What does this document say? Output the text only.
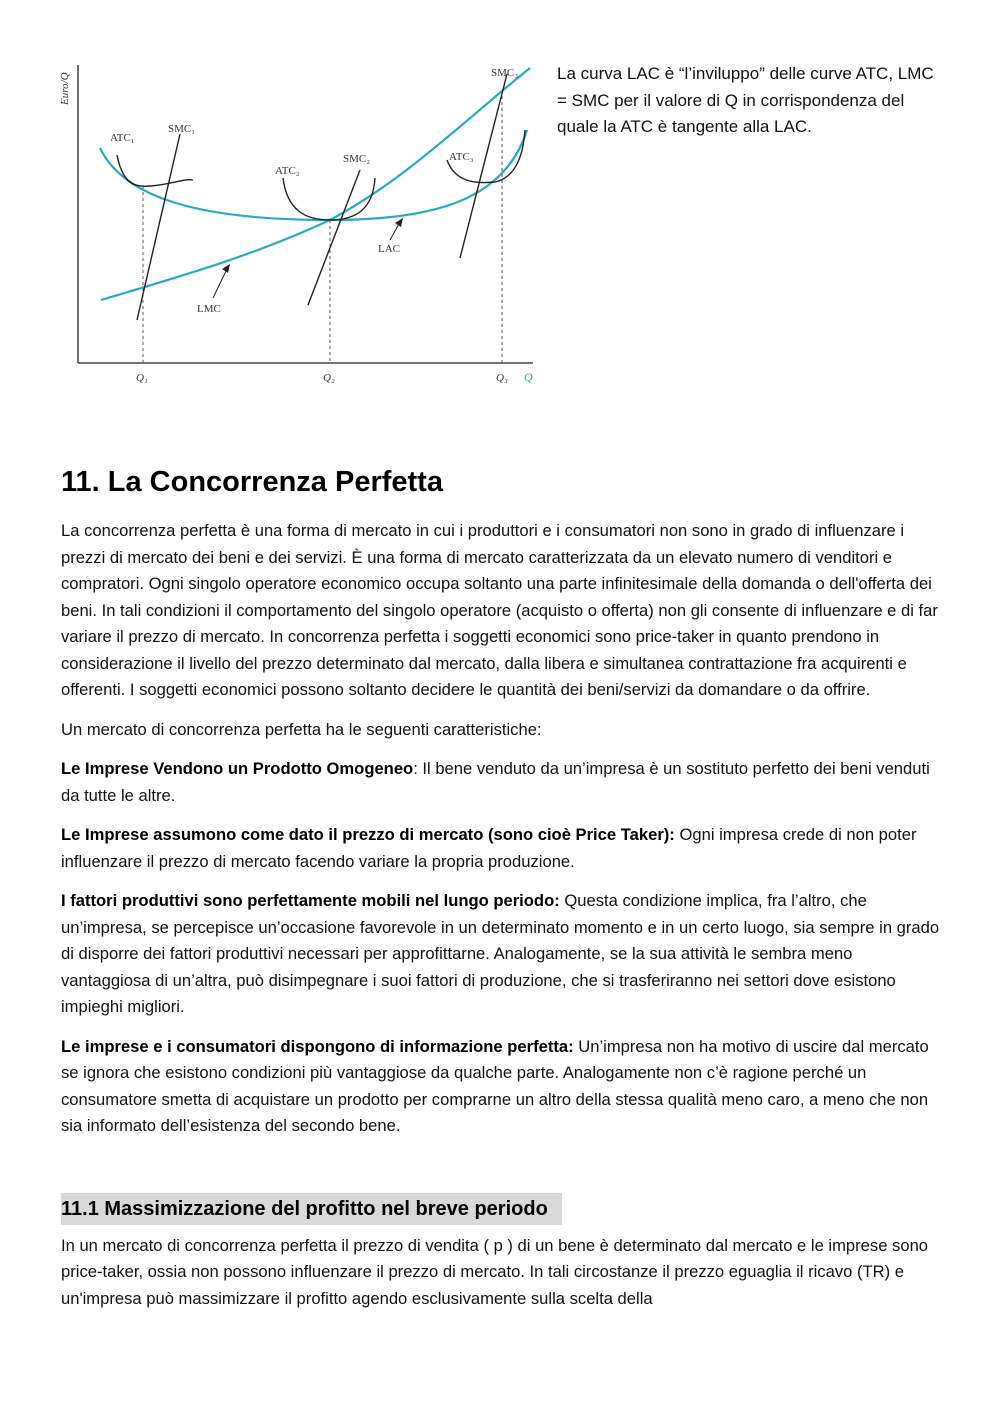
Euro/Q
Q
Q₁	Q₂	Q₃
ATC₁
SMC₁
ATC₂
SMC₂	ATC₃
SMC₃
LAC
LMC

La curva LAC è “l’inviluppo” delle curve ATC, LMC = SMC per il valore di Q in corrispondenza del quale la ATC è tangente alla LAC.

11. La Concorrenza Perfetta

La concorrenza perfetta è una forma di mercato in cui i produttori e i consumatori non sono in grado di influenzare i prezzi di mercato dei beni e dei servizi. È una forma di mercato caratterizzata da un elevato numero di venditori e compratori. Ogni singolo operatore economico occupa soltanto una parte infinitesimale della domanda o dell'offerta dei beni. In tali condizioni il comportamento del singolo operatore (acquisto o offerta) non gli consente di influenzare e di far variare il prezzo di mercato. In concorrenza perfetta i soggetti economici sono price-taker in quanto prendono in considerazione il livello del prezzo determinato dal mercato, dalla libera e simultanea contrattazione fra acquirenti e offerenti. I soggetti economici possono soltanto decidere le quantità dei beni/servizi da domandare o da offrire.

Un mercato di concorrenza perfetta ha le seguenti caratteristiche:

Le Imprese Vendono un Prodotto Omogeneo: Il bene venduto da un’impresa è un sostituto perfetto dei beni venduti da tutte le altre.

Le Imprese assumono come dato il prezzo di mercato (sono cioè Price Taker): Ogni impresa crede di non poter influenzare il prezzo di mercato facendo variare la propria produzione.

I fattori produttivi sono perfettamente mobili nel lungo periodo: Questa condizione implica, fra l’altro, che un’impresa, se percepisce un’occasione favorevole in un determinato momento e in un certo luogo, sia sempre in grado di disporre dei fattori produttivi necessari per approfittarne. Analogamente, se la sua attività le sembra meno vantaggiosa di un’altra, può disimpegnare i suoi fattori di produzione, che si trasferiranno nei settori dove esistono impieghi migliori.

Le imprese e i consumatori dispongono di informazione perfetta: Un’impresa non ha motivo di uscire dal mercato se ignora che esistono condizioni più vantaggiose da qualche parte. Analogamente non c’è ragione perché un consumatore smetta di acquistare un prodotto per comprarne un altro della stessa qualità meno caro, a meno che non sia informato dell’esistenza del secondo bene.

11.1 Massimizzazione del profitto nel breve periodo

In un mercato di concorrenza perfetta il prezzo di vendita ( p ) di un bene è determinato dal mercato e le imprese sono price-taker, ossia non possono influenzare il prezzo di mercato. In tali circostanze il prezzo eguaglia il ricavo (TR) e un'impresa può massimizzare il profitto agendo esclusivamente sulla scelta della
